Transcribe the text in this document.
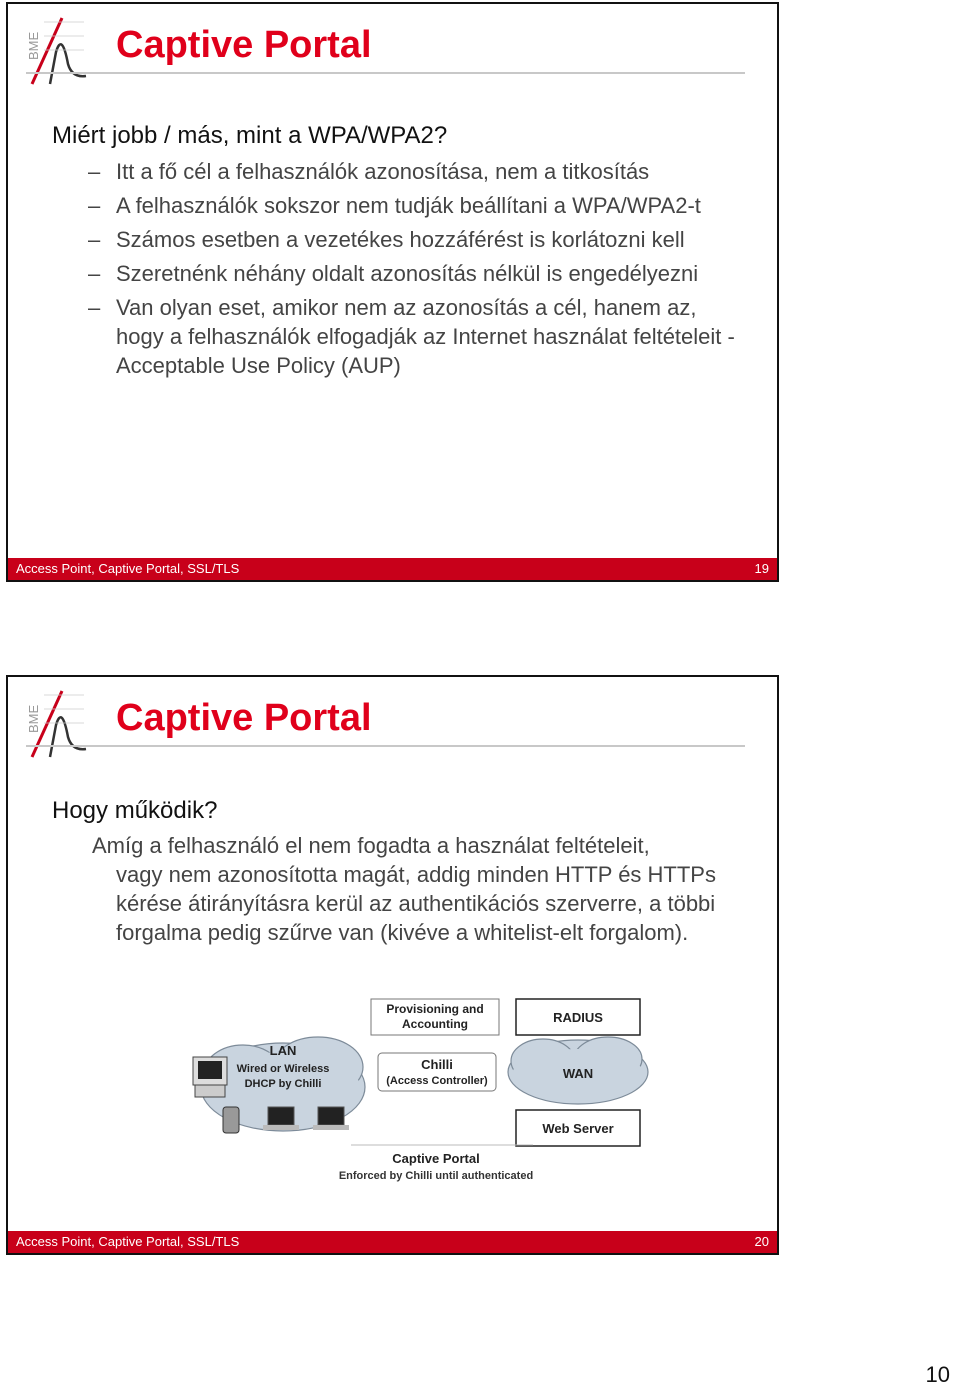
BME Captive Portal
Miért jobb / más, mint a WPA/WPA2?
– Itt a fő cél a felhasználók azonosítása, nem a titkosítás
– A felhasználók sokszor nem tudják beállítani a WPA/WPA2-t
– Számos esetben a vezetékes hozzáférést is korlátozni kell
– Szeretnénk néhány oldalt azonosítás nélkül is engedélyezni
– Van olyan eset, amikor nem az azonosítás a cél, hanem az, hogy a felhasználók elfogadják az Internet használat feltételeit - Acceptable Use Policy (AUP)
Access Point, Captive Portal, SSL/TLS	19
BME Captive Portal
Hogy működik?
Amíg a felhasználó el nem fogadta a használat feltételeit,
vagy nem azonosította magát, addig minden HTTP és HTTPs kérése átirányításra kerül az authentikációs szerverre, a többi forgalma pedig szűrve van (kivéve a whitelist-elt forgalom).
LAN
Wired or Wireless
DHCP by Chilli
Provisioning and
Accounting	RADIUS
Chilli
(Access Controller)	WAN
Web Server
Captive Portal
Enforced by Chilli until authenticated
Access Point, Captive Portal, SSL/TLS	20
10
